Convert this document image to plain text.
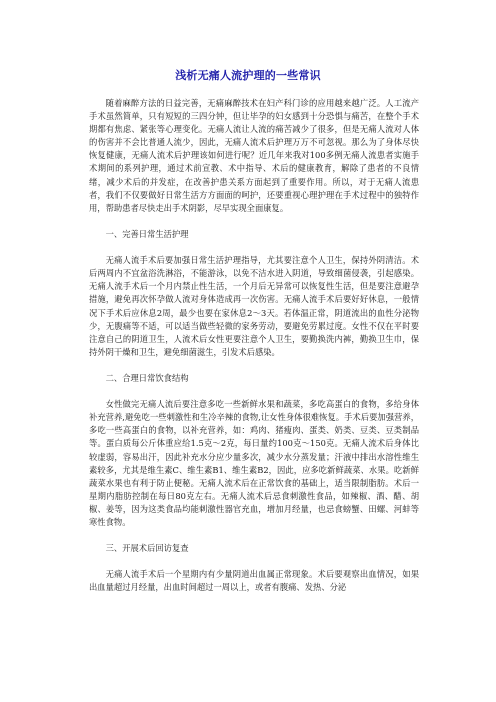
浅析无痛人流护理的一些常识

随着麻醉方法的日益完善，无痛麻醉技术在妇产科门诊的应用越来越广泛。人工流产手术虽然简单，只有短短的三四分钟，但让毕孕的妇女感到十分恐惧与痛苦，在整个手术期都有焦虑、紧张等心理变化。无痛人流让人流的痛苦减少了很多，但是无痛人流对人体的伤害并不会比普通人流少，因此，无痛人流术后护理万万不可忽视。那么为了身体尽快恢复健康，无痛人流术后护理该如何进行呢？近几年来我对100多例无痛人流患者实施手术期间的系列护理，通过术前宣教、术中指导、术后的健康教育，解除了患者的不良情绪，减少术后的并发症，在改善护患关系方面起到了重要作用。所以，对于无痛人流患者，我们不仅要做好日常生活方方面面的呵护，还要重视心理护理在手术过程中的独特作用，帮助患者尽快走出手术阴影，尽早实现全面康复。

一、完善日常生活护理

无痛人流手术后要加强日常生活护理指导，尤其要注意个人卫生，保持外阴清洁。术后两周内不宜盆浴洗淋浴，不能游泳，以免不洁水进入阴道，导致细菌侵袭，引起感染。无痛人流手术后一个月内禁止性生活，一个月后无异常可以恢复性生活，但是要注意避孕措施，避免再次怀孕做人流对身体造成再一次伤害。无痛人流手术后要好好休息，一般情况下手术后应休息2周，最少也要在家休息2～3天。若体温正常，阴道流出的血性分泌物少，无腹痛等不适，可以适当做些轻微的家务劳动，要避免劳累过度。女性不仅在平时要注意自己的阴道卫生，人流术后女性更要注意个人卫生，要勤换洗内裤，勤换卫生巾，保持外阴干燥和卫生，避免细菌滋生，引发术后感染。

二、合理日常饮食结构

女性做完无痛人流后要注意多吃一些新鲜水果和蔬菜，多吃高蛋白的食物，多给身体补充营养,避免吃一些刺激性和生冷辛辣的食物,让女性身体很难恢复。手术后要加强营养，多吃一些高蛋白的食物，以补充营养，如：鸡肉、猪瘦肉、蛋类、奶类、豆类、豆类制品等。蛋白质每公斤体重应给1.5克～2克，每日量约100克～150克。无痛人流术后身体比较虚弱，容易出汗，因此补充水分应少量多次，减少水分蒸发量；汗液中排出水溶性维生素较多，尤其是维生素C、维生素B1、维生素B2，因此，应多吃新鲜蔬菜、水果。吃新鲜蔬菜水果也有利于防止便秘。无痛人流术后在正常饮食的基础上，适当限制脂肪。术后一星期内脂肪控制在每日80克左右。无痛人流术后忌食刺激性食品，如辣椒、酒、醋、胡椒、姜等，因为这类食品均能刺激性器官充血，增加月经量，也忌食螃蟹、田螺、河蚌等寒性食物。

三、开展术后回访复查

无痛人流手术后一个星期内有少量阴道出血属正常现象。术后要观察出血情况，如果出血量超过月经量，出血时间超过一周以上，或者有腹痛、发热、分泌
